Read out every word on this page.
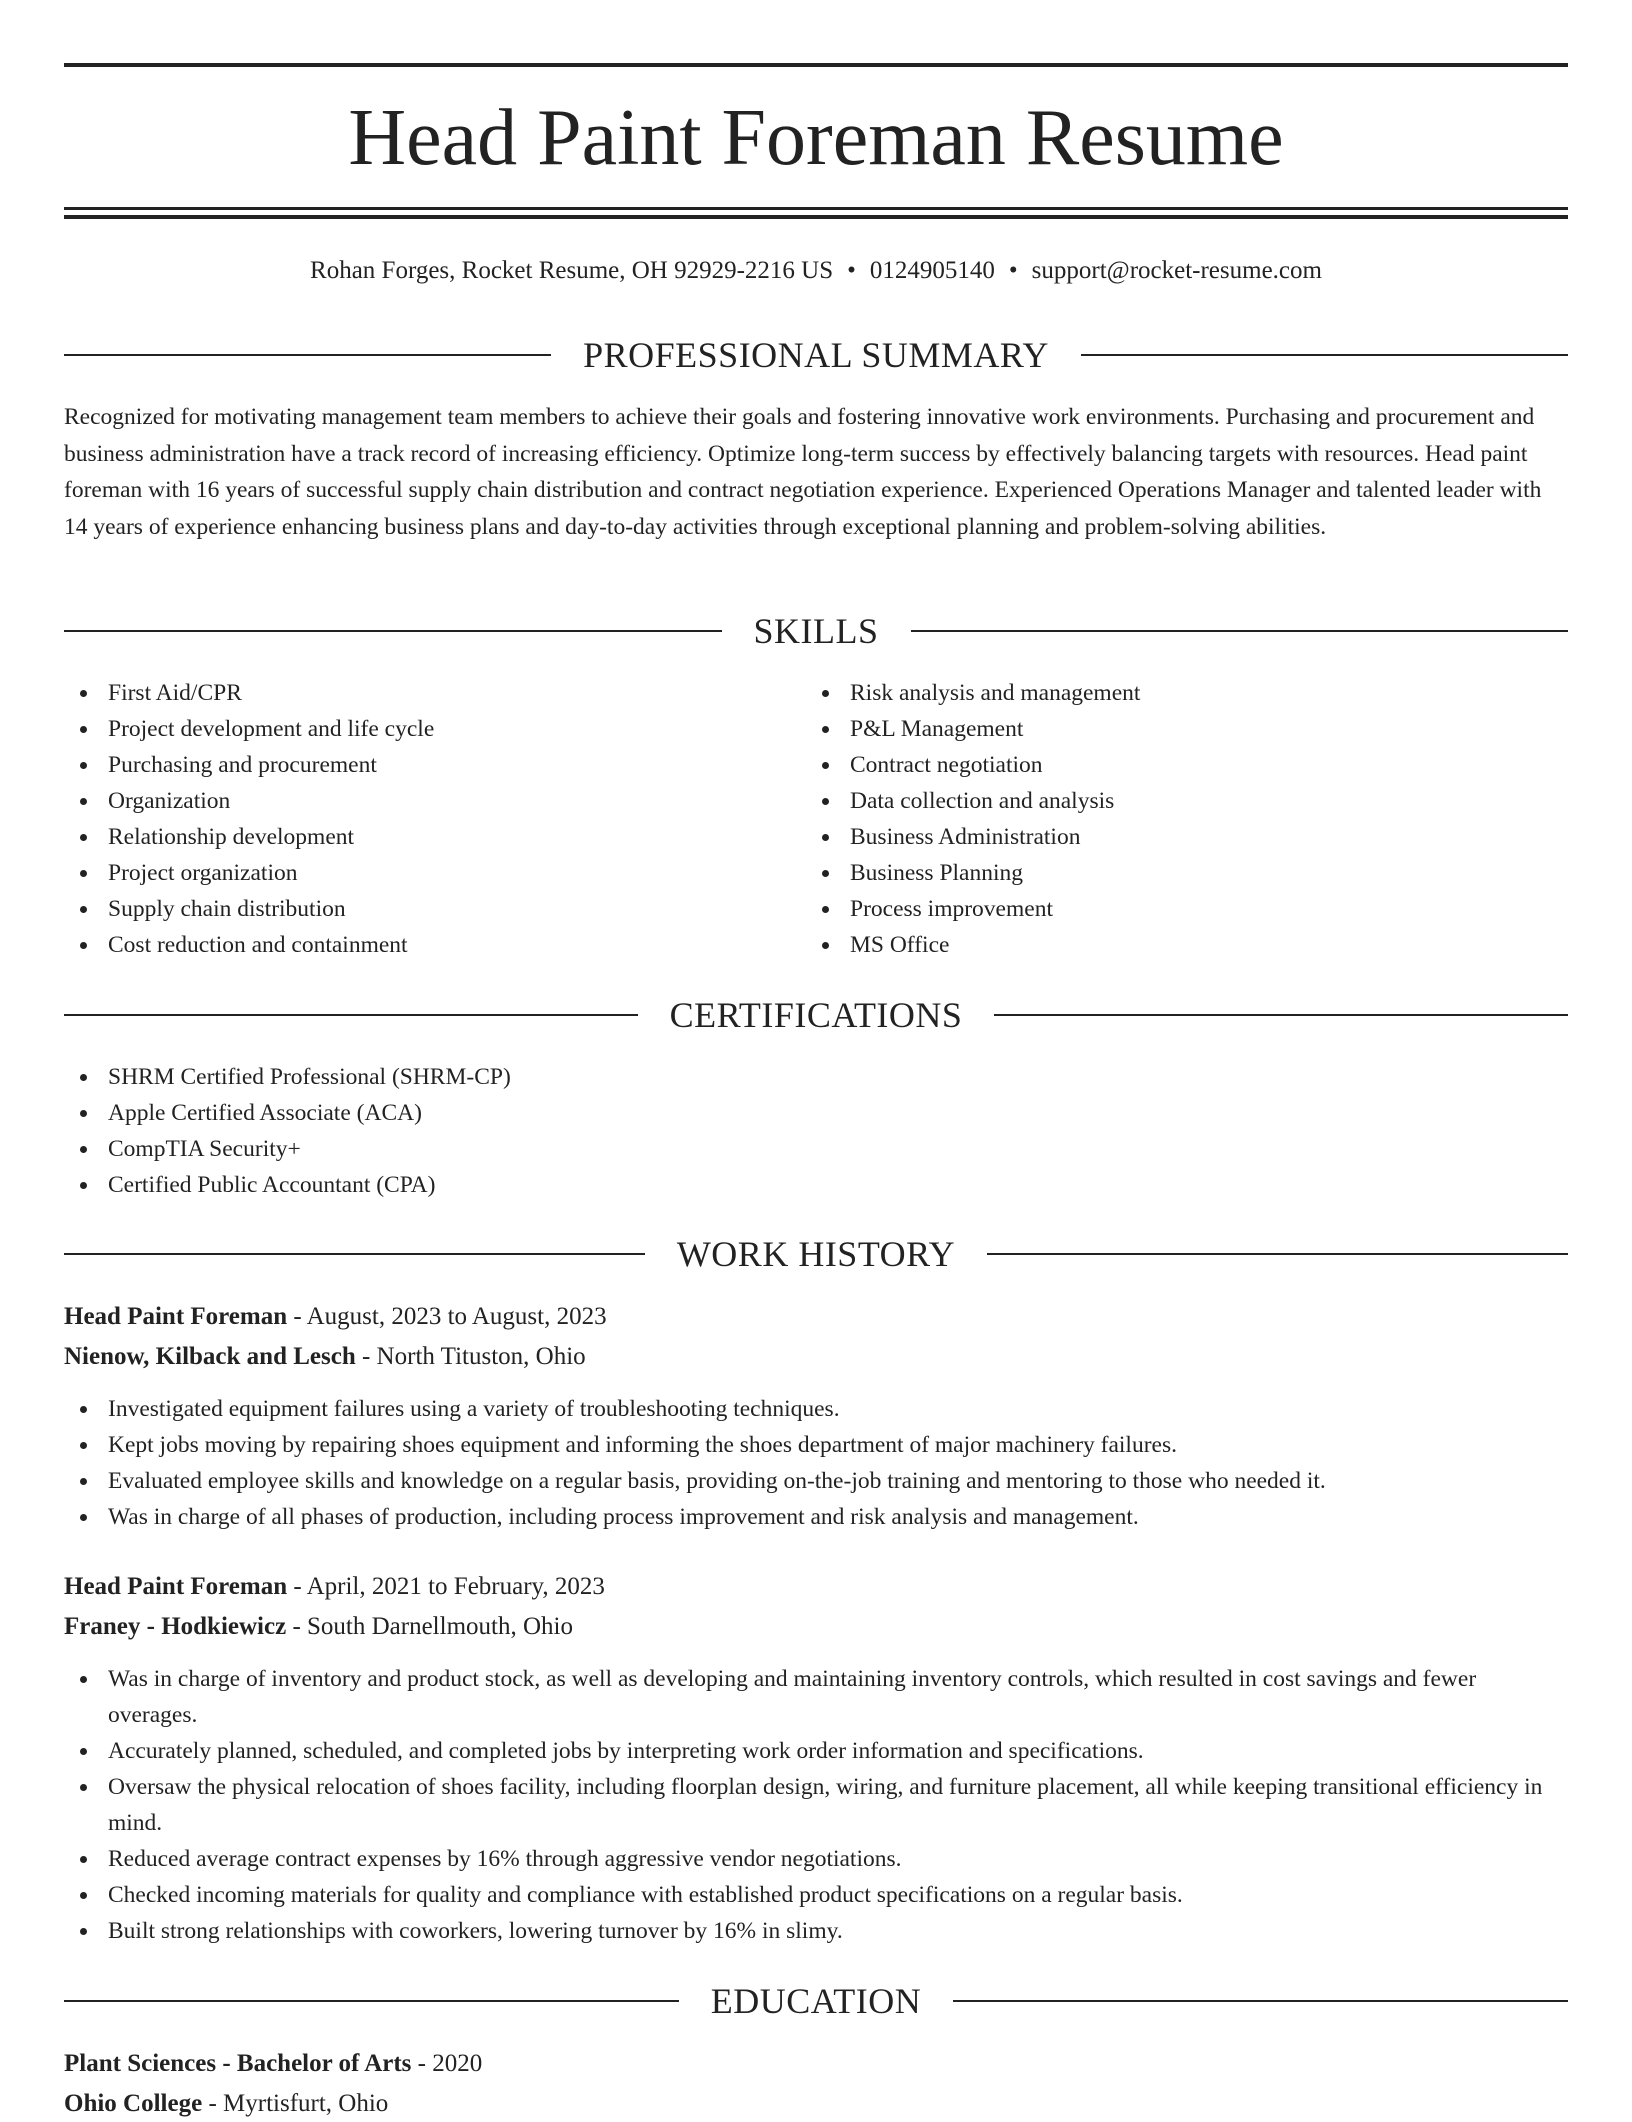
Head Paint Foreman Resume
Rohan Forges, Rocket Resume, OH 92929-2216 US • 0124905140 • support@rocket-resume.com
PROFESSIONAL SUMMARY
Recognized for motivating management team members to achieve their goals and fostering innovative work environments. Purchasing and procurement and business administration have a track record of increasing efficiency. Optimize long-term success by effectively balancing targets with resources. Head paint foreman with 16 years of successful supply chain distribution and contract negotiation experience. Experienced Operations Manager and talented leader with 14 years of experience enhancing business plans and day-to-day activities through exceptional planning and problem-solving abilities.
SKILLS
First Aid/CPR
Project development and life cycle
Purchasing and procurement
Organization
Relationship development
Project organization
Supply chain distribution
Cost reduction and containment
Risk analysis and management
P&L Management
Contract negotiation
Data collection and analysis
Business Administration
Business Planning
Process improvement
MS Office
CERTIFICATIONS
SHRM Certified Professional (SHRM-CP)
Apple Certified Associate (ACA)
CompTIA Security+
Certified Public Accountant (CPA)
WORK HISTORY
Head Paint Foreman - August, 2023 to August, 2023
Nienow, Kilback and Lesch - North Tituston, Ohio
Investigated equipment failures using a variety of troubleshooting techniques.
Kept jobs moving by repairing shoes equipment and informing the shoes department of major machinery failures.
Evaluated employee skills and knowledge on a regular basis, providing on-the-job training and mentoring to those who needed it.
Was in charge of all phases of production, including process improvement and risk analysis and management.
Head Paint Foreman - April, 2021 to February, 2023
Franey - Hodkiewicz - South Darnellmouth, Ohio
Was in charge of inventory and product stock, as well as developing and maintaining inventory controls, which resulted in cost savings and fewer overages.
Accurately planned, scheduled, and completed jobs by interpreting work order information and specifications.
Oversaw the physical relocation of shoes facility, including floorplan design, wiring, and furniture placement, all while keeping transitional efficiency in mind.
Reduced average contract expenses by 16% through aggressive vendor negotiations.
Checked incoming materials for quality and compliance with established product specifications on a regular basis.
Built strong relationships with coworkers, lowering turnover by 16% in slimy.
EDUCATION
Plant Sciences - Bachelor of Arts - 2020
Ohio College - Myrtisfurt, Ohio
